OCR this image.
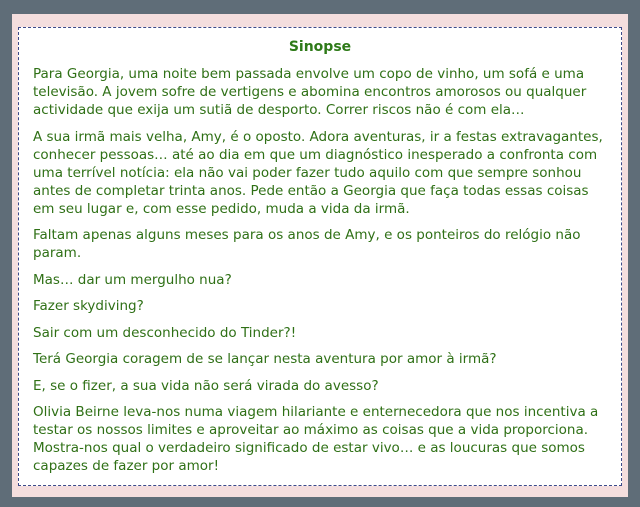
Sinopse

Para Georgia, uma noite bem passada envolve um copo de vinho, um sofá e uma televisão. A jovem sofre de vertigens e abomina encontros amorosos ou qualquer actividade que exija um sutiã de desporto. Correr riscos não é com ela…

A sua irmã mais velha, Amy, é o oposto. Adora aventuras, ir a festas extravagantes, conhecer pessoas… até ao dia em que um diagnóstico inesperado a confronta com uma terrível notícia: ela não vai poder fazer tudo aquilo com que sempre sonhou antes de completar trinta anos. Pede então a Georgia que faça todas essas coisas em seu lugar e, com esse pedido, muda a vida da irmã.

Faltam apenas alguns meses para os anos de Amy, e os ponteiros do relógio não param.

Mas… dar um mergulho nua?

Fazer skydiving?

Sair com um desconhecido do Tinder?!

Terá Georgia coragem de se lançar nesta aventura por amor à irmã?

E, se o fizer, a sua vida não será virada do avesso?

Olivia Beirne leva-nos numa viagem hilariante e enternecedora que nos incentiva a testar os nossos limites e aproveitar ao máximo as coisas que a vida proporciona. Mostra-nos qual o verdadeiro significado de estar vivo… e as loucuras que somos capazes de fazer por amor!
